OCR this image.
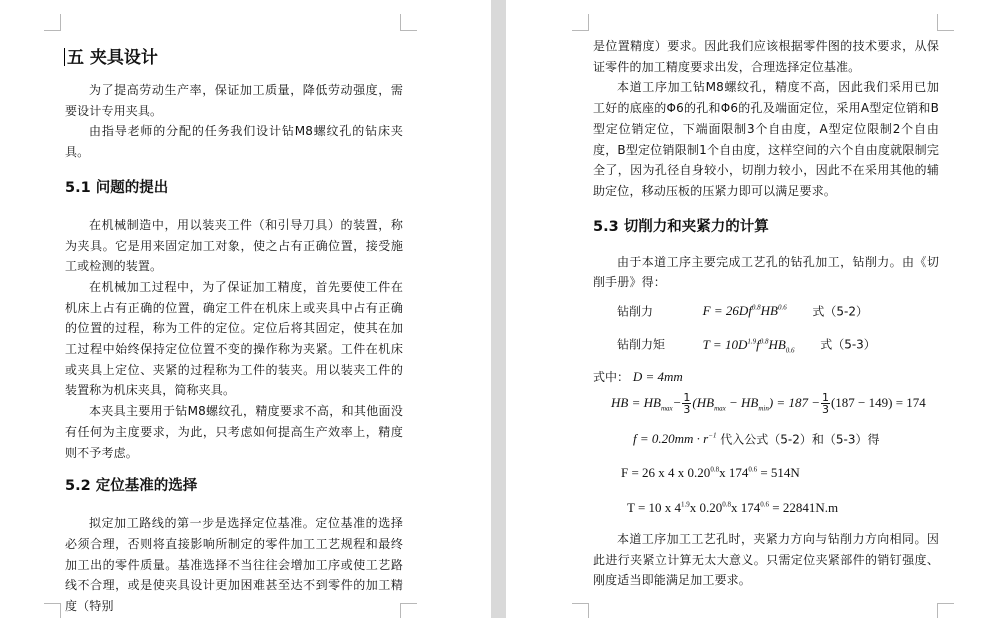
五 夹具设计

为了提高劳动生产率，保证加工质量，降低劳动强度，需要设计专用夹具。

由指导老师的分配的任务我们设计钻M8螺纹孔的钻床夹具。

5.1 问题的提出

在机械制造中，用以装夹工件（和引导刀具）的装置，称为夹具。它是用来固定加工对象，使之占有正确位置，接受施工或检测的装置。

在机械加工过程中，为了保证加工精度，首先要使工件在机床上占有正确的位置，确定工件在机床上或夹具中占有正确的位置的过程，称为工件的定位。定位后将其固定，使其在加工过程中始终保持定位位置不变的操作称为夹紧。工件在机床或夹具上定位、夹紧的过程称为工件的装夹。用以装夹工件的装置称为机床夹具，简称夹具。

本夹具主要用于钻M8螺纹孔，精度要求不高，和其他面没有任何为主度要求，为此，只考虑如何提高生产效率上，精度则不予考虑。

5.2 定位基准的选择

拟定加工路线的第一步是选择定位基准。定位基准的选择必须合理，否则将直接影响所制定的零件加工工艺规程和最终加工出的零件质量。基准选择不当往往会增加工序或使工艺路线不合理，或是使夹具设计更加困难甚至达不到零件的加工精度（特别

是位置精度）要求。因此我们应该根据零件图的技术要求，从保证零件的加工精度要求出发，合理选择定位基准。

本道工序加工钻M8螺纹孔，精度不高，因此我们采用已加工好的底座的Φ6的孔和Φ6的孔及端面定位，采用A型定位销和B型定位销定位，下端面限制3个自由度，A型定位限制2个自由度，B型定位销限制1个自由度，这样空间的六个自由度就限制完全了，因为孔径自身较小，切削力较小，因此不在采用其他的辅助定位，移动压板的压紧力即可以满足要求。

5.3 切削力和夹紧力的计算

由于本道工序主要完成工艺孔的钻孔加工，钻削力。由《切削手册》得：

钻削力	$F = 26Df^{0.8}HB^{0.6}$ 式（5-2）
钻削力矩	$T = 10D^{1.9}f^{0.8}HB_{0.6}$ 式（5-3）
式中： D = 4mm
HB = $HB_{max}- \frac{1}{3} (HB_{max} - HB_{min}) = 187 - \frac{1}{3} (187 - 149) = 174$
$f = 0.20mm \cdot r^{-1}$ 代入公式（5-2）和（5-3）得
F = 26 x 4 x $0.20^{0.8}x$ $174^{0.6} = 514N$
T = 10 x $4^{1.9}x$ $0.20^{0.8}x$ $174^{0.6} = 22841N.m$

本道工序加工工艺孔时，夹紧力方向与钻削力方向相同。因此进行夹紧立计算无太大意义。只需定位夹紧部件的销钉强度、刚度适当即能满足加工要求。
